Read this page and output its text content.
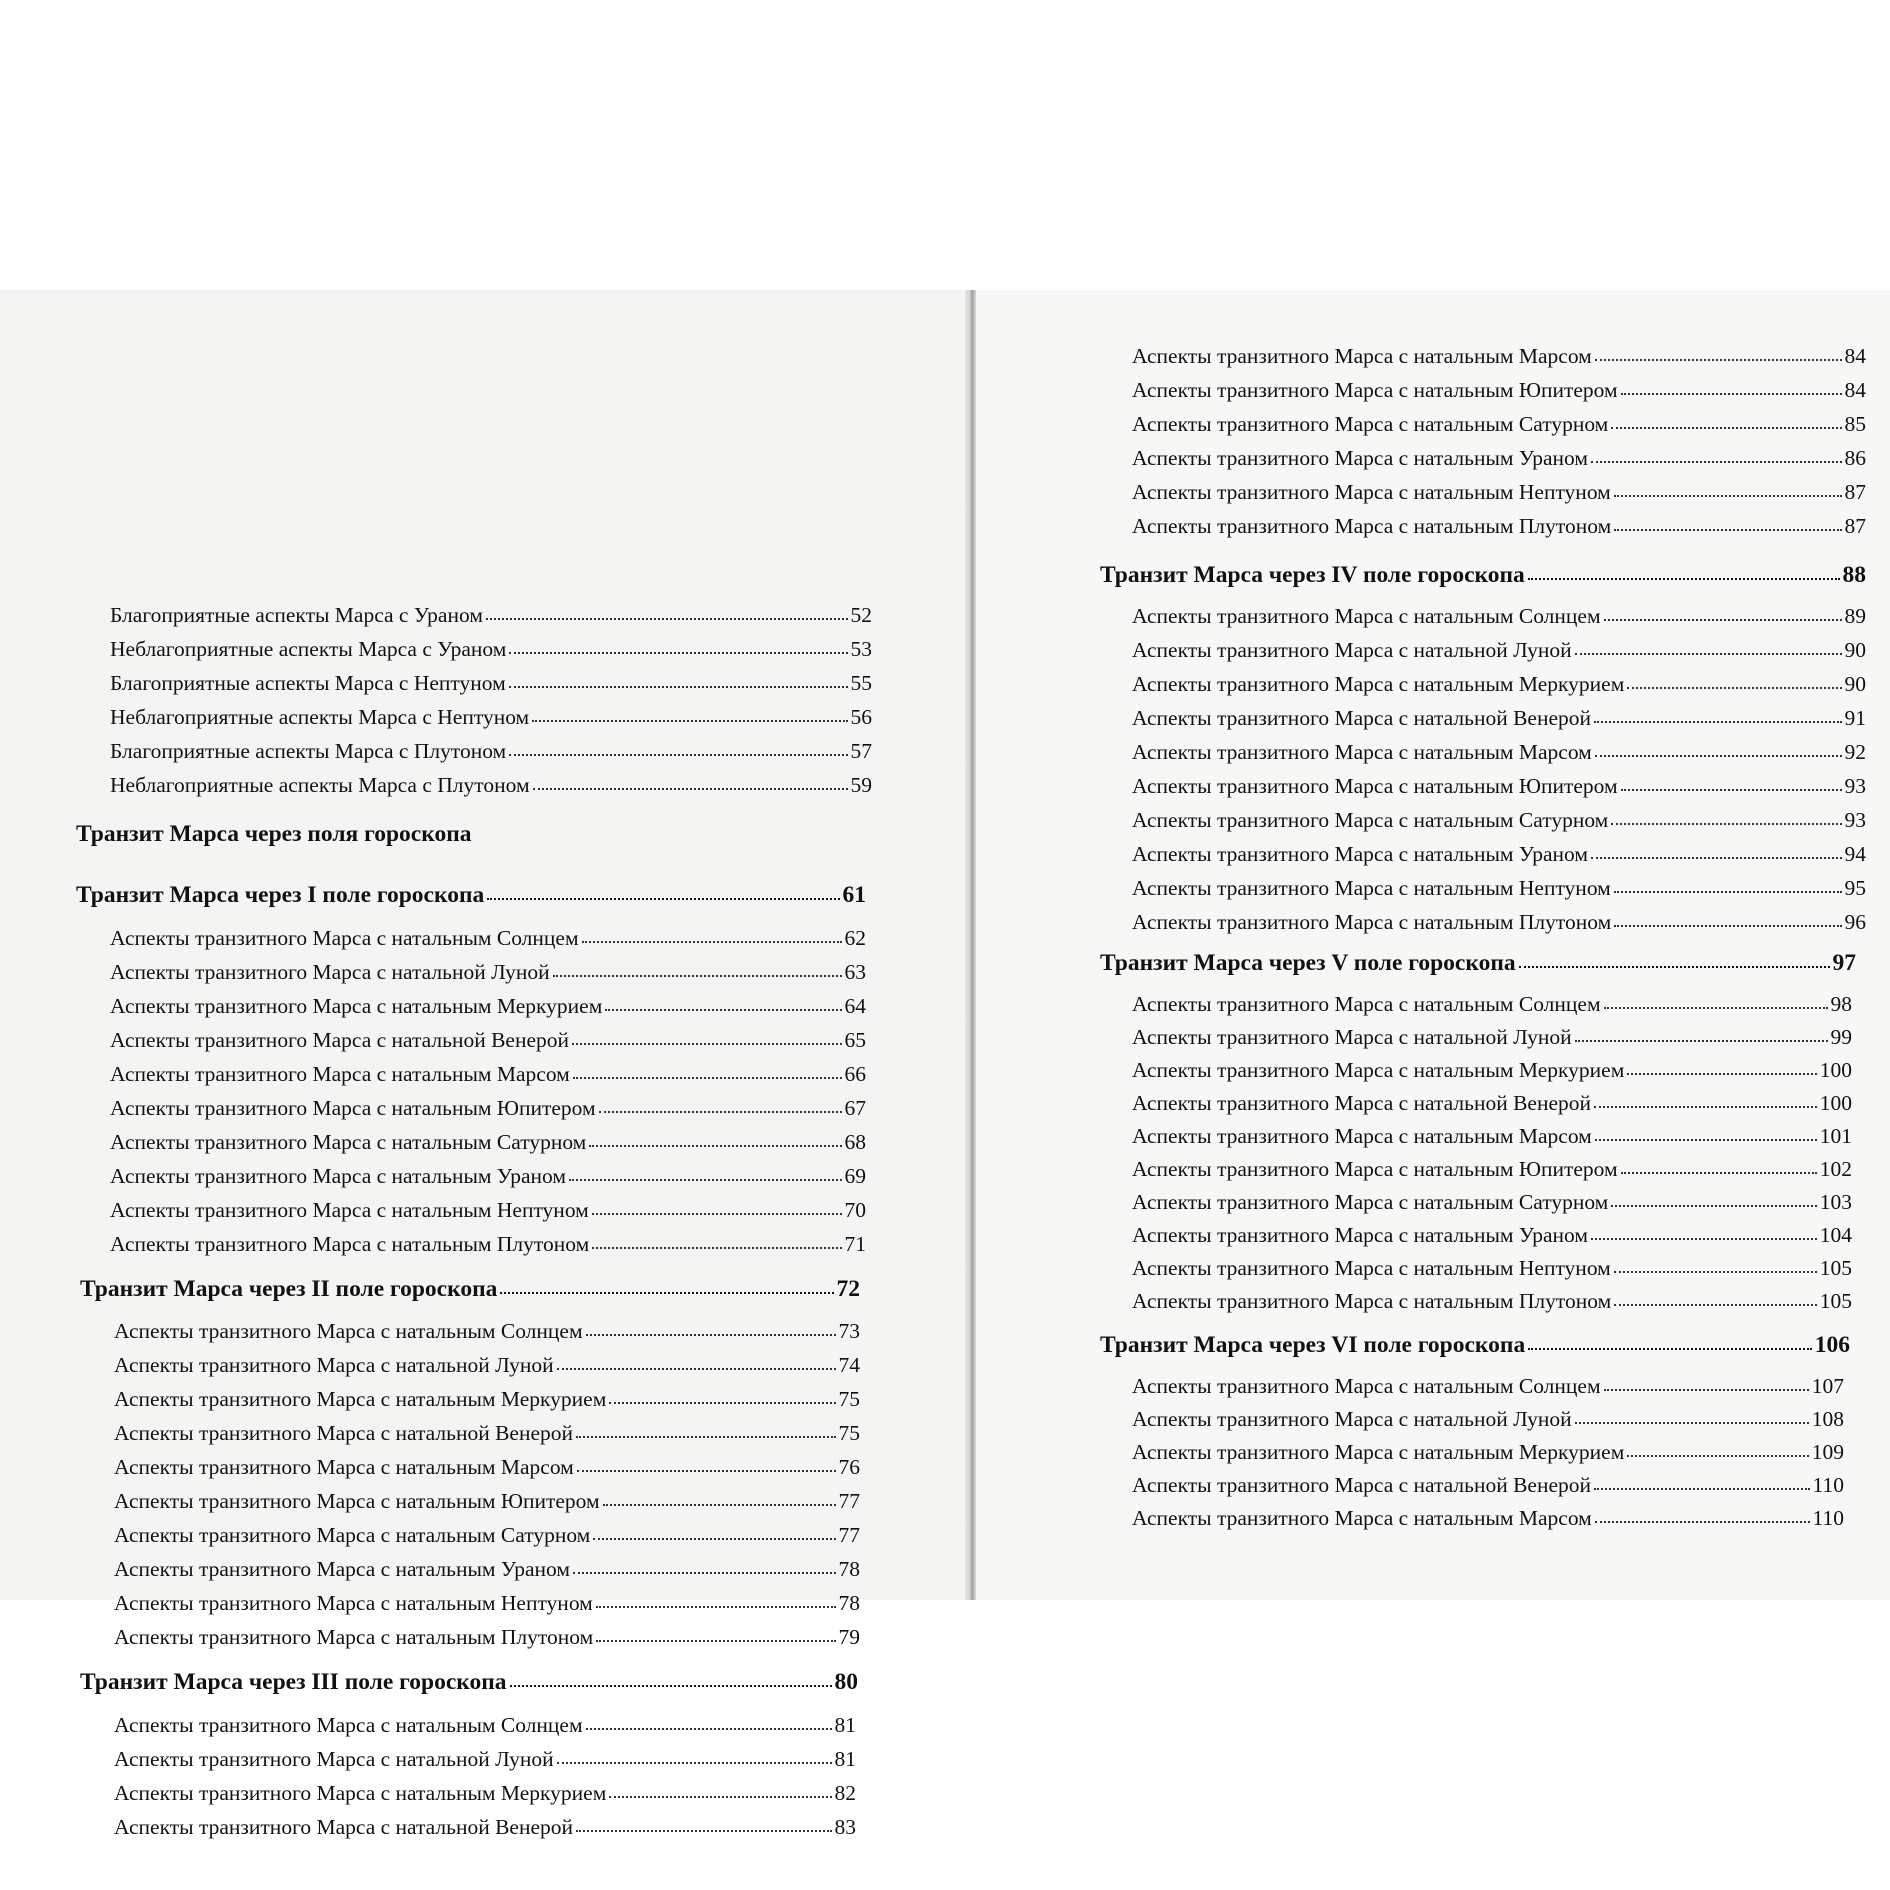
Благоприятные аспекты Марса с Ураном	52
Неблагоприятные аспекты Марса с Ураном	53
Благоприятные аспекты Марса с Нептуном	55
Неблагоприятные аспекты Марса с Нептуном	56
Благоприятные аспекты Марса с Плутоном	57
Неблагоприятные аспекты Марса с Плутоном	59
Транзит Марса через поля гороскопа
Транзит Марса через I поле гороскопа	61
Аспекты транзитного Марса с натальным Солнцем	62
Аспекты транзитного Марса с натальной Луной	63
Аспекты транзитного Марса с натальным Меркурием	64
Аспекты транзитного Марса с натальной Венерой	65
Аспекты транзитного Марса с натальным Марсом	66
Аспекты транзитного Марса с натальным Юпитером	67
Аспекты транзитного Марса с натальным Сатурном	68
Аспекты транзитного Марса с натальным Ураном	69
Аспекты транзитного Марса с натальным Нептуном	70
Аспекты транзитного Марса с натальным Плутоном	71
Транзит Марса через II поле гороскопа	72
Аспекты транзитного Марса с натальным Солнцем	73
Аспекты транзитного Марса с натальной Луной	74
Аспекты транзитного Марса с натальным Меркурием	75
Аспекты транзитного Марса с натальной Венерой	75
Аспекты транзитного Марса с натальным Марсом	76
Аспекты транзитного Марса с натальным Юпитером	77
Аспекты транзитного Марса с натальным Сатурном	77
Аспекты транзитного Марса с натальным Ураном	78
Аспекты транзитного Марса с натальным Нептуном	78
Аспекты транзитного Марса с натальным Плутоном	79
Транзит Марса через III поле гороскопа	80
Аспекты транзитного Марса с натальным Солнцем	81
Аспекты транзитного Марса с натальной Луной	81
Аспекты транзитного Марса с натальным Меркурием	82
Аспекты транзитного Марса с натальной Венерой	83
Аспекты транзитного Марса с натальным Марсом	84
Аспекты транзитного Марса с натальным Юпитером	84
Аспекты транзитного Марса с натальным Сатурном	85
Аспекты транзитного Марса с натальным Ураном	86
Аспекты транзитного Марса с натальным Нептуном	87
Аспекты транзитного Марса с натальным Плутоном	87
Транзит Марса через IV поле гороскопа	88
Аспекты транзитного Марса с натальным Солнцем	89
Аспекты транзитного Марса с натальной Луной	90
Аспекты транзитного Марса с натальным Меркурием	90
Аспекты транзитного Марса с натальной Венерой	91
Аспекты транзитного Марса с натальным Марсом	92
Аспекты транзитного Марса с натальным Юпитером	93
Аспекты транзитного Марса с натальным Сатурном	93
Аспекты транзитного Марса с натальным Ураном	94
Аспекты транзитного Марса с натальным Нептуном	95
Аспекты транзитного Марса с натальным Плутоном	96
Транзит Марса через V поле гороскопа	97
Аспекты транзитного Марса с натальным Солнцем	98
Аспекты транзитного Марса с натальной Луной	99
Аспекты транзитного Марса с натальным Меркурием	100
Аспекты транзитного Марса с натальной Венерой	100
Аспекты транзитного Марса с натальным Марсом	101
Аспекты транзитного Марса с натальным Юпитером	102
Аспекты транзитного Марса с натальным Сатурном	103
Аспекты транзитного Марса с натальным Ураном	104
Аспекты транзитного Марса с натальным Нептуном	105
Аспекты транзитного Марса с натальным Плутоном	105
Транзит Марса через VI поле гороскопа	106
Аспекты транзитного Марса с натальным Солнцем	107
Аспекты транзитного Марса с натальной Луной	108
Аспекты транзитного Марса с натальным Меркурием	109
Аспекты транзитного Марса с натальной Венерой	110
Аспекты транзитного Марса с натальным Марсом	110
